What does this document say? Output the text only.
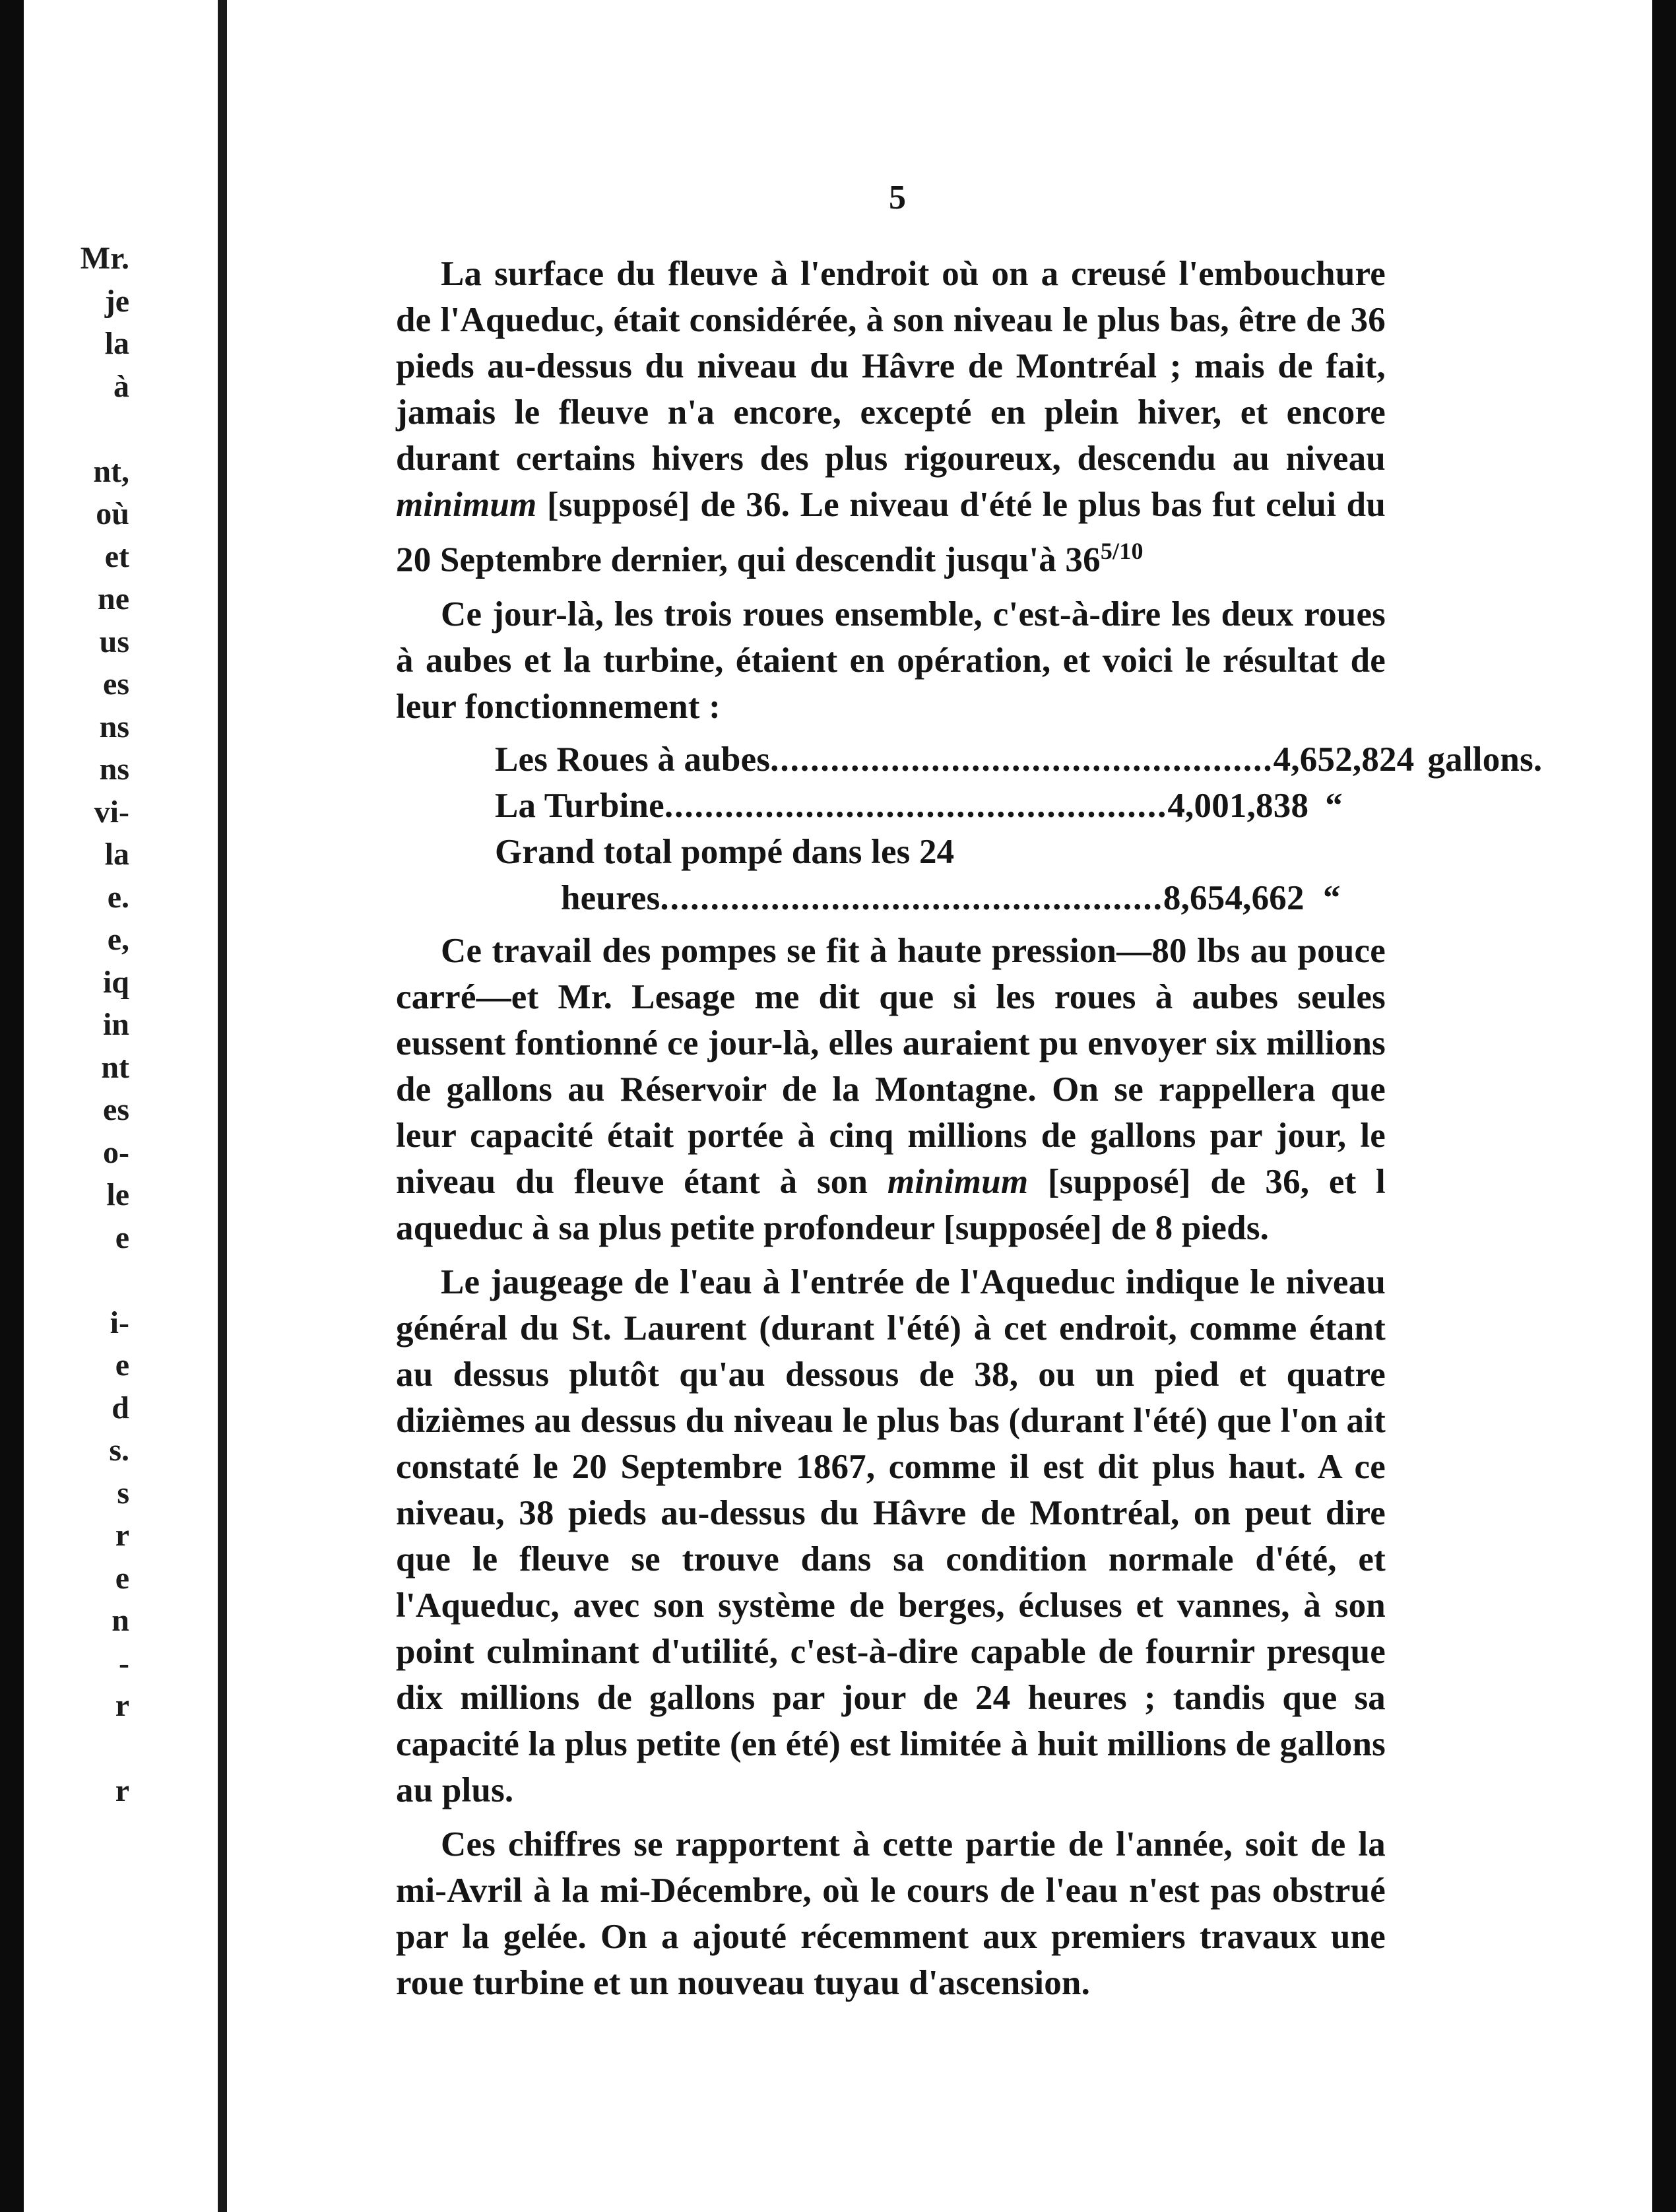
Mr.
je
la
à
nt,
où
et
ne
us
es
ns
ns
vi-
la
e.
e,
iq
in
nt
es
o-
le
e
i-
e
d
s.
s
r
e
n
-
r
r
5

La surface du fleuve à l'endroit où on a creusé l'embouchure de l'Aqueduc, était considérée, à son niveau le plus bas, être de 36 pieds au-dessus du niveau du Hâvre de Montréal ; mais de fait, jamais le fleuve n'a encore, excepté en plein hiver, et encore durant certains hivers des plus rigoureux, descendu au niveau minimum [supposé] de 36. Le niveau d'été le plus bas fut celui du 20 Septembre dernier, qui descendit jusqu'à $36^{5/10}$

Ce jour-là, les trois roues ensemble, c'est-à-dire les deux roues à aubes et la turbine, étaient en opération, et voici le résultat de leur fonctionnement :

Les Roues à aubes .................................................. 4,652,824 gallons.
La Turbine .................................................. 4,001,838 “
Grand total pompé dans les 24
heures .................................................. 8,654,662 “

Ce travail des pompes se fit à haute pression—80 lbs au pouce carré—et Mr. Lesage me dit que si les roues à aubes seules eussent fontionné ce jour-là, elles auraient pu envoyer six millions de gallons au Réservoir de la Montagne. On se rappellera que leur capacité était portée à cinq millions de gallons par jour, le niveau du fleuve étant à son minimum [supposé] de 36, et l aqueduc à sa plus petite profondeur [supposée] de 8 pieds.

Le jaugeage de l'eau à l'entrée de l'Aqueduc indique le niveau général du St. Laurent (durant l'été) à cet endroit, comme étant au dessus plutôt qu'au dessous de 38, ou un pied et quatre dizièmes au dessus du niveau le plus bas (durant l'été) que l'on ait constaté le 20 Septembre 1867, comme il est dit plus haut. A ce niveau, 38 pieds au-dessus du Hâvre de Montréal, on peut dire que le fleuve se trouve dans sa condition normale d'été, et l'Aqueduc, avec son système de berges, écluses et vannes, à son point culminant d'utilité, c'est-à-dire capable de fournir presque dix millions de gallons par jour de 24 heures ; tandis que sa capacité la plus petite (en été) est limitée à huit millions de gallons au plus.

Ces chiffres se rapportent à cette partie de l'année, soit de la mi-Avril à la mi-Décembre, où le cours de l'eau n'est pas obstrué par la gelée. On a ajouté récemment aux premiers travaux une roue turbine et un nouveau tuyau d'ascension.
